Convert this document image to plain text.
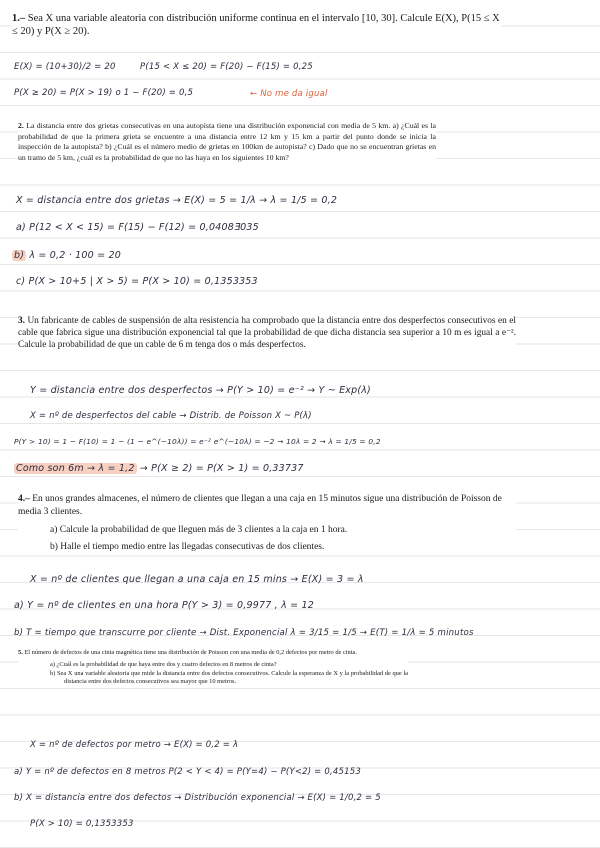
1.– Sea X una variable aleatoria con distribución uniforme continua en el intervalo [10, 30]. Calcule E(X), P(15 ≤ X ≤ 20) y P(X ≥ 20).
E(X) = (10+30)/2 = 20	P(15 < X ≤ 20) = F(20) − F(15) = 0,25
P(X ≥ 20) = P(X > 19) o 1 − F(20) = 0,5	← No me da igual
2. La distancia entre dos grietas consecutivas en una autopista tiene una distribución exponencial con media de 5 km. a) ¿Cuál es la probabilidad de que la primera grieta se encuentre a una distancia entre 12 km y 15 km a partir del punto donde se inicia la inspección de la autopista? b) ¿Cuál es el número medio de grietas en 100km de autopista? c) Dado que no se encuentran grietas en un tramo de 5 km, ¿cuál es la probabilidad de que no las haya en los siguientes 10 km?
X = distancia entre dos grietas → E(X) = 5 = 1/λ → λ = 1/5 = 0,2
a) P(12 < X < 15) = F(15) − F(12) = 0,0408Ǝ035
b) λ = 0,2 · 100 = 20
c) P(X > 10+5 | X > 5) = P(X > 10) = 0,1353353
3. Un fabricante de cables de suspensión de alta resistencia ha comprobado que la distancia entre dos desperfectos consecutivos en el cable que fabrica sigue una distribución exponencial tal que la probabilidad de que dicha distancia sea superior a 10 m es igual a e⁻². Calcule la probabilidad de que un cable de 6 m tenga dos o más desperfectos.
Y = distancia entre dos desperfectos → P(Y > 10) = e⁻² → Y ~ Exp(λ)
X = nº de desperfectos del cable → Distrib. de Poisson X ~ P(λ)
P(Y > 10) = 1 − F(10) = 1 − (1 − e^(−10λ)) = e⁻² e^(−10λ) = −2 → 10λ = 2 → λ = 1/5 = 0,2
Como son 6m → λ = 1,2 → P(X ≥ 2) = P(X > 1) = 0,33737
4.– En unos grandes almacenes, el número de clientes que llegan a una caja en 15 minutos sigue una distribución de Poisson de media 3 clientes.
a) Calcule la probabilidad de que lleguen más de 3 clientes a la caja en 1 hora.
b) Halle el tiempo medio entre las llegadas consecutivas de dos clientes.
X = nº de clientes que llegan a una caja en 15 mins → E(X) = 3 = λ
a) Y = nº de clientes en una hora P(Y > 3) = 0,9977 , λ = 12
b) T = tiempo que transcurre por cliente → Dist. Exponencial λ = 3/15 = 1/5 → E(T) = 1/λ = 5 minutos
5. El número de defectos de una cinta magnética tiene una distribución de Poisson con una media de 0,2 defectos por metro de cinta.
a) ¿Cuál es la probabilidad de que haya entre dos y cuatro defectos en 8 metros de cinta?
b) Sea X una variable aleatoria que mide la distancia entre dos defectos consecutivos. Calcule la esperanza de X y la probabilidad de que la distancia entre dos defectos consecutivos sea mayor que 10 metros.
X = nº de defectos por metro → E(X) = 0,2 = λ
a) Y = nº de defectos en 8 metros P(2 < Y < 4) = P(Y=4) − P(Y<2) = 0,45153
b) X = distancia entre dos defectos → Distribución exponencial → E(X) = 1/0,2 = 5
P(X > 10) = 0,1353353
